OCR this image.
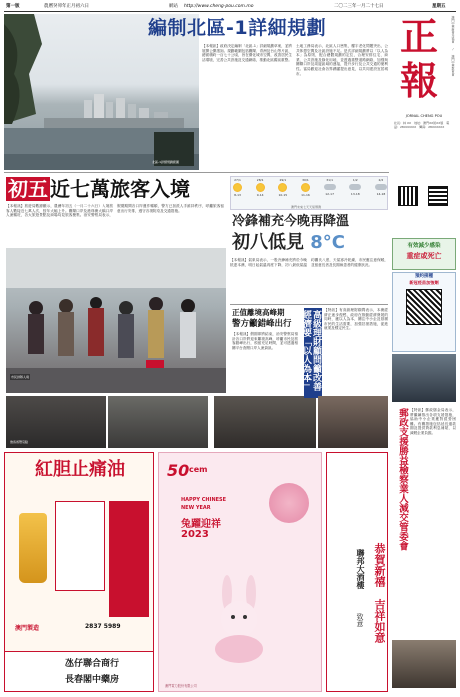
第一版	農曆癸卯年正月初六日	網站 http://www.cheng-pou.com.mo	二〇二三年一月二十七日	星期五
北區-1詳細規劃範圍
編制北區-1詳細規劃
【本報訊】政府決定編制「北區-1」詳細規劃草案，並將展開公開諮詢。規劃範圍包括關閘、青洲及台山等片區，總面積約一百七十公頃，旨在優化城市空間，改善居民生活環境，完善公共設施及交通網絡，推動北區舊區重整。
土地工務局表示，北區人口密集，樓宇老化問題突出，公共休憩空間及社區設施不足。是次詳細規劃將以「以人為本」為原則，配合總體規劃的定位，合理安排住宅、商業、公共設施及綠化用地，並透過重整道路網絡，加強與關閘口岸及周邊區域的連接，提升步行及公共交通的便利性。當局歡迎社會各界踴躍提出意見，以共同建設宜居城市。
正
報
澳門中華新青年協會 / 澳門中華教育會
JORNAL CHENG POU
社長：林 XX　地址：澳門XX街XX號　電話：28XXXXXX　傳真：28XXXXXX
初五 近七萬旅客入境
【本報訊】旅遊局數據顯示，農曆年初五（一月二十六日）入境旅客人數接近七萬人次，按年大幅上升。關閘口岸及港珠澳大橋口岸人流暢旺，各大旅遊景點及商場均見旅客聚集。治安警察局表示，假期期間各口岸運作暢順，警方已加派人手維持秩序，呼籲旅客留意出行安排，遵守各項防疫及交通措施。
市民排隊入境
旅客遊覽景點
澳門未來七天天氣預測
27/1
8-13
28/1
9-14
29/1
10-15
30/1
11-16
31/1
12-17
1/2
13-18
2/2
14-18
冷鋒補充今晚再降溫
初八低見 8°C
【本報訊】氣象局表示，一股冷鋒補充將於今晚抵達本澳，明日起氣溫再度下降，初八最低氣溫約攝氏八度，天氣寒冷乾燥，市民應注意保暖，並留意長者及長期病患者的健康狀況。
正值離境高峰期
警方籲錯峰出行
【本報訊】假期即將結束，治安警察局預計各口岸將迎來離境高峰，呼籲市民及旅客錯峰出行，預留充足時間，並可透過相關平台查閱口岸人流資訊。	高級理財顧問籲改善經濟要「以人為本」	【特訊】有高級理財顧問表示，本澳經濟正逐步復甦，政府在推動經濟發展的同時，應以人為本，關注中小企及基層市民的生活需要，加強扶援措施，促進就業及穩定民生。
有效減少感染
重症或死亡
預約接種
新冠疫苗加強劑
郵政支援勝益檢察業人減交管委會 【特訊】郵政儲金局表示，將繼續推出各項支援措施，協助中小企業應對經營困難。有關措施包括延長還款期及提供貸款利息補貼，以減輕企業負擔。
紅胆止痛油
澳門製造	2837 5989
氹仔聯合商行
長春閣中藥房
50 cem
HAPPY CHINESE
NEW YEAR
兔躍迎祥
2023
澳門電力股份有限公司
恭賀新禧
吉祥如意
聯邦大酒樓
致意
